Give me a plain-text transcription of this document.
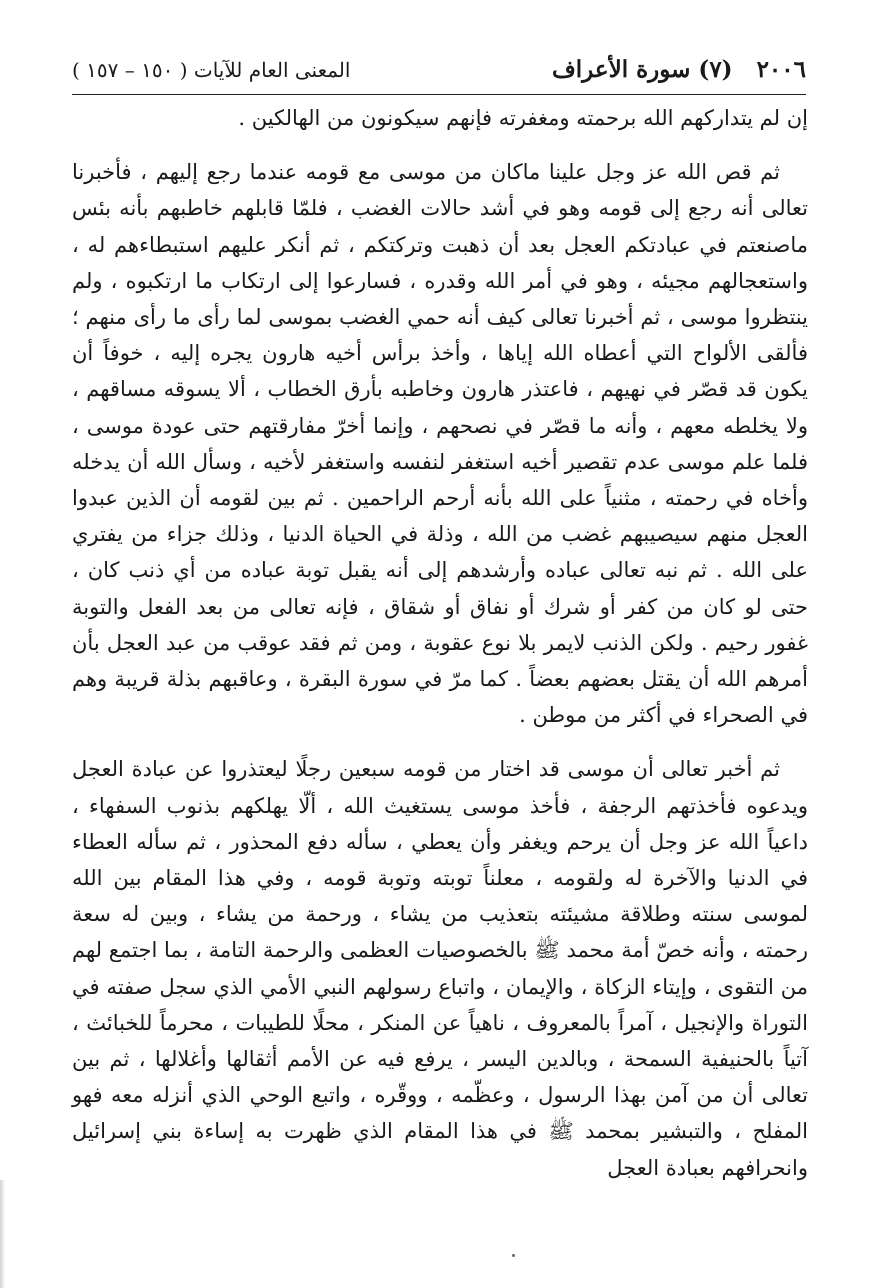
٢٠٠٦ (٧) سورة الأعراف
المعنى العام للآيات ( ١٥٠ – ١٥٧ )

إن لم يتداركهم الله برحمته ومغفرته فإنهم سيكونون من الهالكين .

ثم قص الله عز وجل علينا ماكان من موسى مع قومه عندما رجع إليهم ، فأخبرنا تعالى أنه رجع إلى قومه وهو في أشد حالات الغضب ، فلمّا قابلهم خاطبهم بأنه بئس ماصنعتم في عبادتكم العجل بعد أن ذهبت وتركتكم ، ثم أنكر عليهم استبطاءهم له ، واستعجالهم مجيئه ، وهو في أمر الله وقدره ، فسارعوا إلى ارتكاب ما ارتكبوه ، ولم ينتظروا موسى ، ثم أخبرنا تعالى كيف أنه حمي الغضب بموسى لما رأى ما رأى منهم ؛ فألقى الألواح التي أعطاه الله إياها ، وأخذ برأس أخيه هارون يجره إليه ، خوفاً أن يكون قد قصّر في نهيهم ، فاعتذر هارون وخاطبه بأرق الخطاب ، ألا يسوقه مساقهم ، ولا يخلطه معهم ، وأنه ما قصّر في نصحهم ، وإنما أخرّ مفارقتهم حتى عودة موسى ، فلما علم موسى عدم تقصير أخيه استغفر لنفسه واستغفر لأخيه ، وسأل الله أن يدخله وأخاه في رحمته ، مثنياً على الله بأنه أرحم الراحمين . ثم بين لقومه أن الذين عبدوا العجل منهم سيصيبهم غضب من الله ، وذلة في الحياة الدنيا ، وذلك جزاء من يفتري على الله . ثم نبه تعالى عباده وأرشدهم إلى أنه يقبل توبة عباده من أي ذنب كان ، حتى لو كان من كفر أو شرك أو نفاق أو شقاق ، فإنه تعالى من بعد الفعل والتوبة غفور رحيم . ولكن الذنب لايمر بلا نوع عقوبة ، ومن ثم فقد عوقب من عبد العجل بأن أمرهم الله أن يقتل بعضهم بعضاً . كما مرّ في سورة البقرة ، وعاقبهم بذلة قريبة وهم في الصحراء في أكثر من موطن .

ثم أخبر تعالى أن موسى قد اختار من قومه سبعين رجلًا ليعتذروا عن عبادة العجل ويدعوه فأخذتهم الرجفة ، فأخذ موسى يستغيث الله ، ألّا يهلكهم بذنوب السفهاء ، داعياً الله عز وجل أن يرحم ويغفر وأن يعطي ، سأله دفع المحذور ، ثم سأله العطاء في الدنيا والآخرة له ولقومه ، معلناً توبته وتوبة قومه ، وفي هذا المقام بين الله لموسى سنته وطلاقة مشيئته بتعذيب من يشاء ، ورحمة من يشاء ، وبين له سعة رحمته ، وأنه خصّ أمة محمد ﷺ بالخصوصيات العظمى والرحمة التامة ، بما اجتمع لهم من التقوى ، وإيتاء الزكاة ، والإيمان ، واتباع رسولهم النبي الأمي الذي سجل صفته في التوراة والإنجيل ، آمراً بالمعروف ، ناهياً عن المنكر ، محلًا للطيبات ، محرماً للخبائث ، آتياً بالحنيفية السمحة ، وبالدين اليسر ، يرفع فيه عن الأمم أثقالها وأغلالها ، ثم بين تعالى أن من آمن بهذا الرسول ، وعظّمه ، ووقّره ، واتبع الوحي الذي أنزله معه فهو المفلح ، والتبشير بمحمد ﷺ في هذا المقام الذي ظهرت به إساءة بني إسرائيل وانحرافهم بعبادة العجل
